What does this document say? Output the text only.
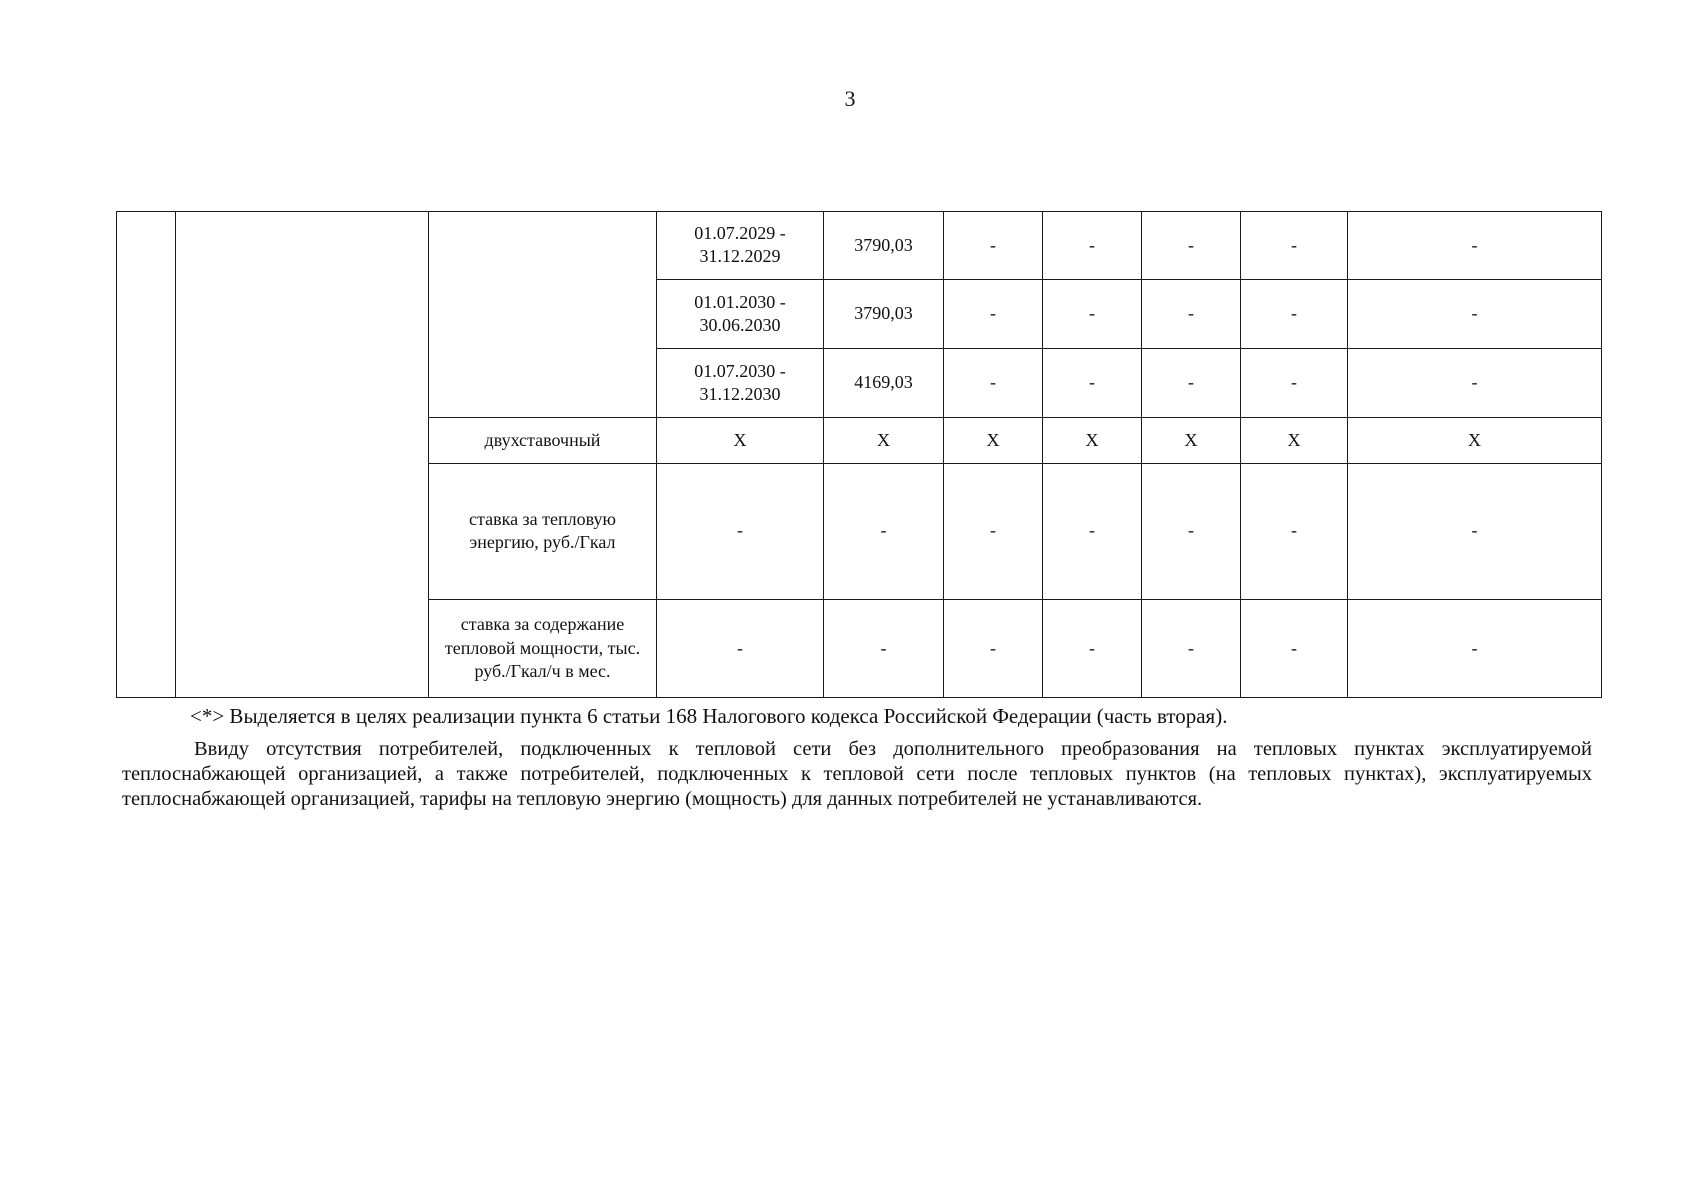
3
			01.07.2029 - 31.12.2029	3790,03	-	-	-	-	-
			01.01.2030 - 30.06.2030	3790,03	-	-	-	-	-
			01.07.2030 - 31.12.2030	4169,03	-	-	-	-	-
		двухставочный	X	X	X	X	X	X	X
		ставка за тепловую энергию, руб./Гкал	-	-	-	-	-	-	-
		ставка за содержание тепловой мощности, тыс. руб./Гкал/ч в мес.	-	-	-	-	-	-	-
<*> Выделяется в целях реализации пункта 6 статьи 168 Налогового кодекса Российской Федерации (часть вторая).

Ввиду отсутствия потребителей, подключенных к тепловой сети без дополнительного преобразования на тепловых пунктах эксплуатируемой теплоснабжающей организацией, а также потребителей, подключенных к тепловой сети после тепловых пунктов (на тепловых пунктах), эксплуатируемых теплоснабжающей организацией, тарифы на тепловую энергию (мощность) для данных потребителей не устанавливаются.
